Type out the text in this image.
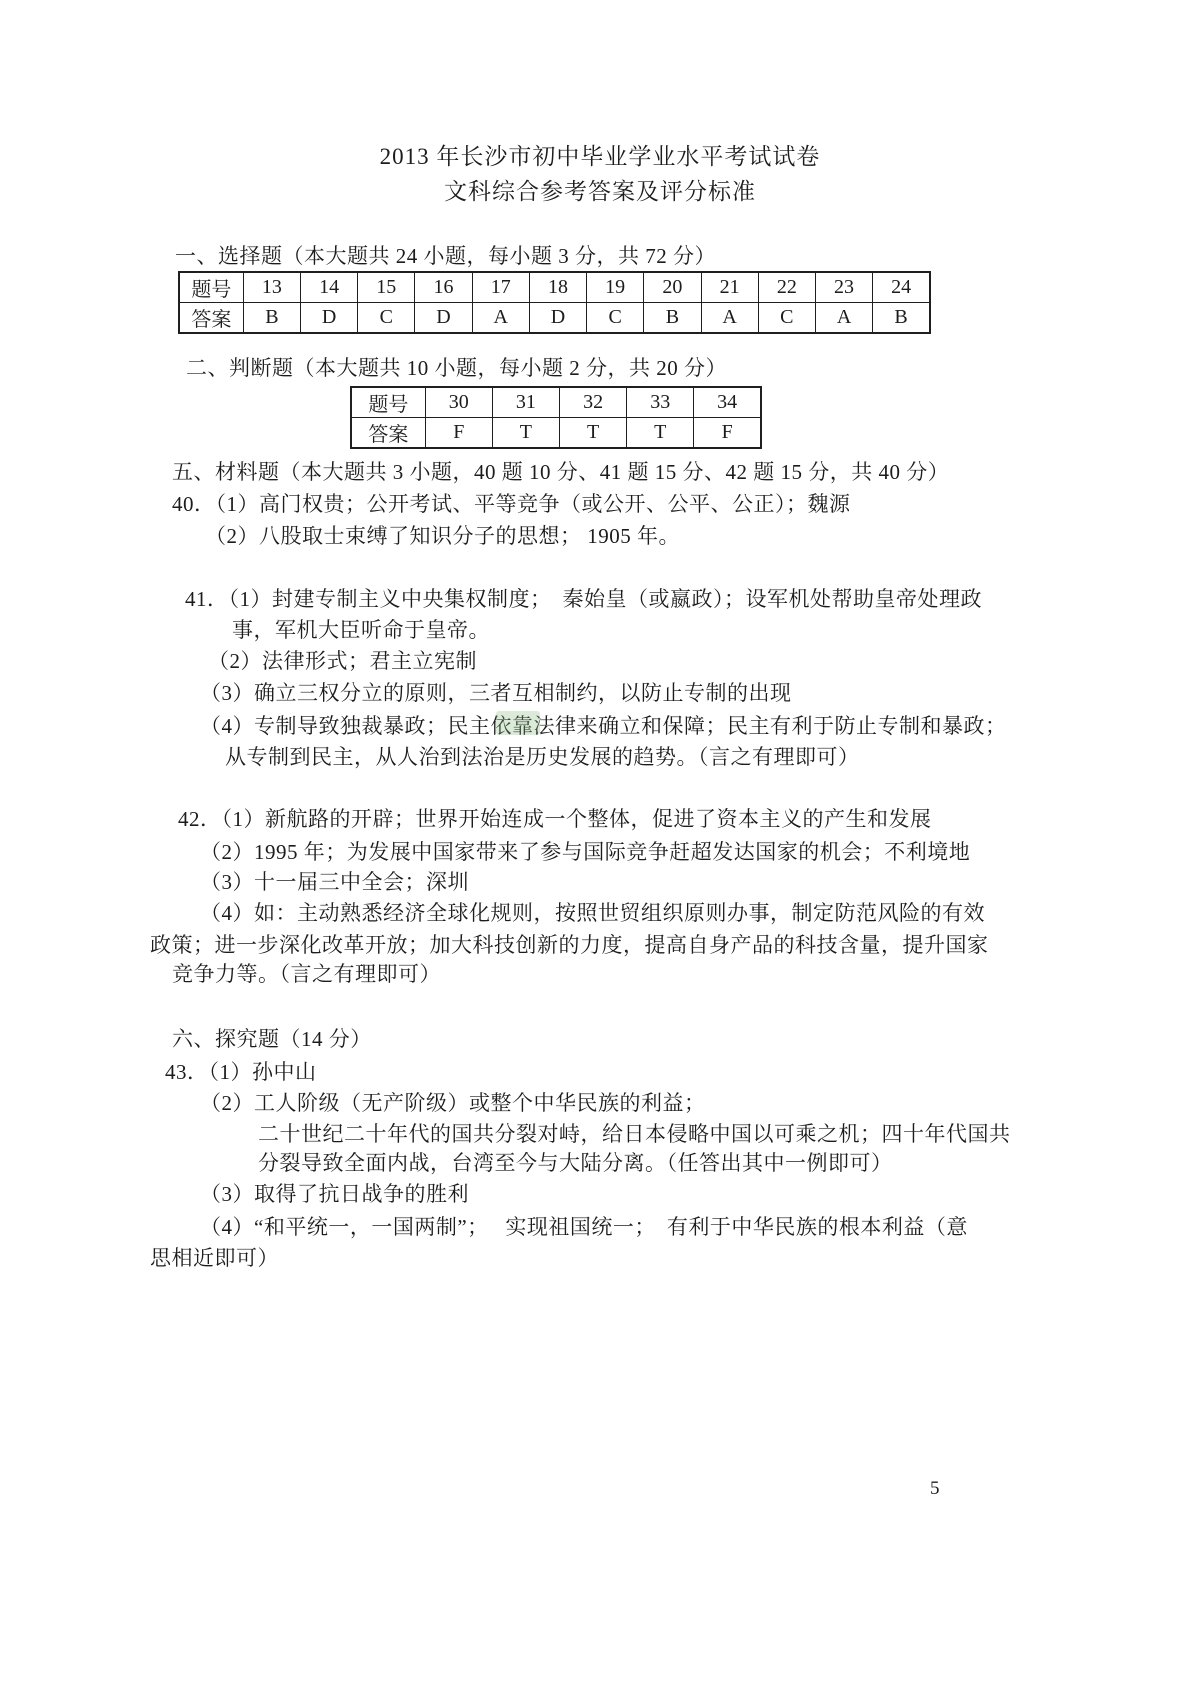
2013 年长沙市初中毕业学业水平考试试卷
文科综合参考答案及评分标准
一、选择题（本大题共 24 小题，每小题 3 分，共 72 分）
题号	13	14	15	16	17	18	19	20	21	22	23	24
答案	B	D	C	D	A	D	C	B	A	C	A	B
二、判断题（本大题共 10 小题，每小题 2 分，共 20 分）
题号	30	31	32	33	34
答案	F	T	T	T	F
五、材料题（本大题共 3 小题，40 题 10 分、41 题 15 分、42 题 15 分，共 40 分）
40．（1）高门权贵；公开考试、平等竞争（或公开、公平、公正）；魏源
（2）八股取士束缚了知识分子的思想； 1905 年。
41．（1）封建专制主义中央集权制度；　秦始皇（或嬴政）；设军机处帮助皇帝处理政
事，军机大臣听命于皇帝。
（2）法律形式；君主立宪制
（3）确立三权分立的原则，三者互相制约，以防止专制的出现
（4）专制导致独裁暴政；民主依靠法律来确立和保障；民主有利于防止专制和暴政；
从专制到民主，从人治到法治是历史发展的趋势。（言之有理即可）
42．（1）新航路的开辟；世界开始连成一个整体，促进了资本主义的产生和发展
（2）1995 年；为发展中国家带来了参与国际竞争赶超发达国家的机会；不利境地
（3）十一届三中全会；深圳
（4）如：主动熟悉经济全球化规则，按照世贸组织原则办事，制定防范风险的有效
政策；进一步深化改革开放；加大科技创新的力度，提高自身产品的科技含量，提升国家
竞争力等。（言之有理即可）
六、探究题（14 分）
43．（1）孙中山
（2）工人阶级（无产阶级）或整个中华民族的利益；
二十世纪二十年代的国共分裂对峙，给日本侵略中国以可乘之机；四十年代国共
分裂导致全面内战，台湾至今与大陆分离。（任答出其中一例即可）
（3）取得了抗日战争的胜利
（4）“和平统一，一国两制”；　 实现祖国统一；　有利于中华民族的根本利益（意
思相近即可）
5
